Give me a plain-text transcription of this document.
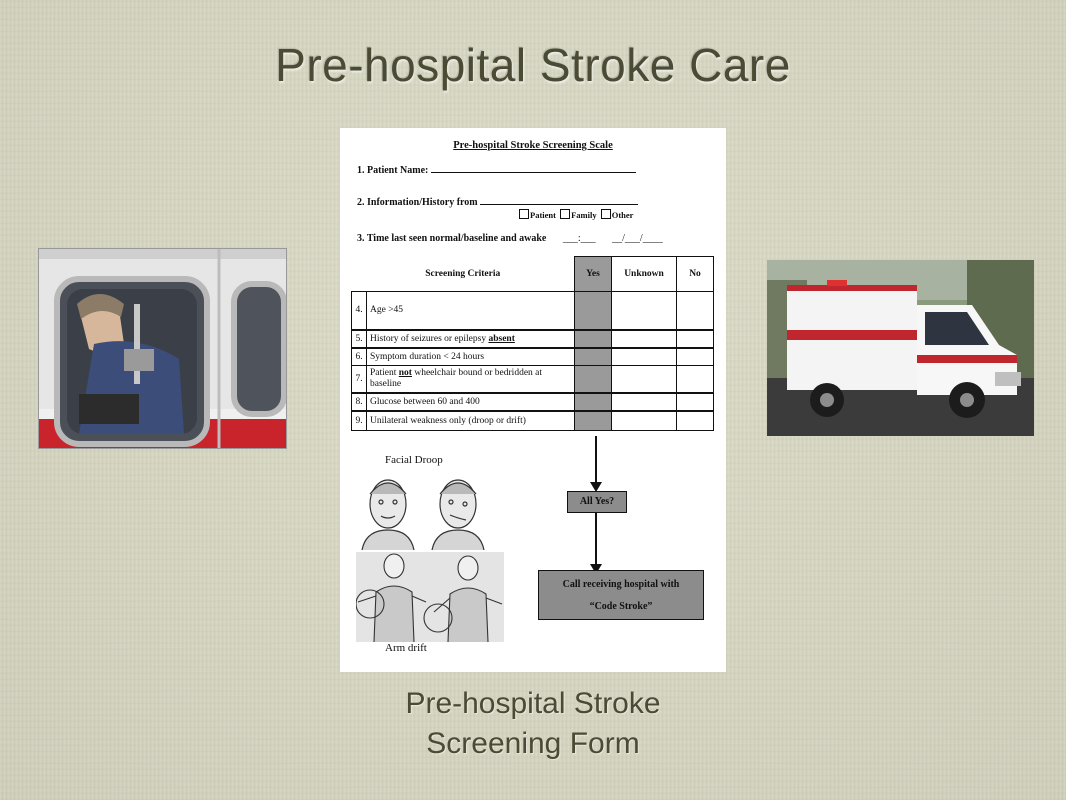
Pre-hospital Stroke Care
Pre-hospital Stroke Screening Scale
1. Patient Name:
2. Information/History from
Patient Family Other
3. Time last seen normal/baseline and awake ___:___ __/___/____
Screening Criteria		Yes	Unknown	No
4.	Age >45			
5.	History of seizures or epilepsy absent			
6.	Symptom duration < 24 hours			
7.	Patient not wheelchair bound or bedridden at baseline			
8.	Glucose between 60 and 400			
9.	Unilateral weakness only (droop or drift)			
Facial Droop
Arm drift
All Yes?
Call receiving hospital with
“Code Stroke”
Pre-hospital Stroke
Screening Form
